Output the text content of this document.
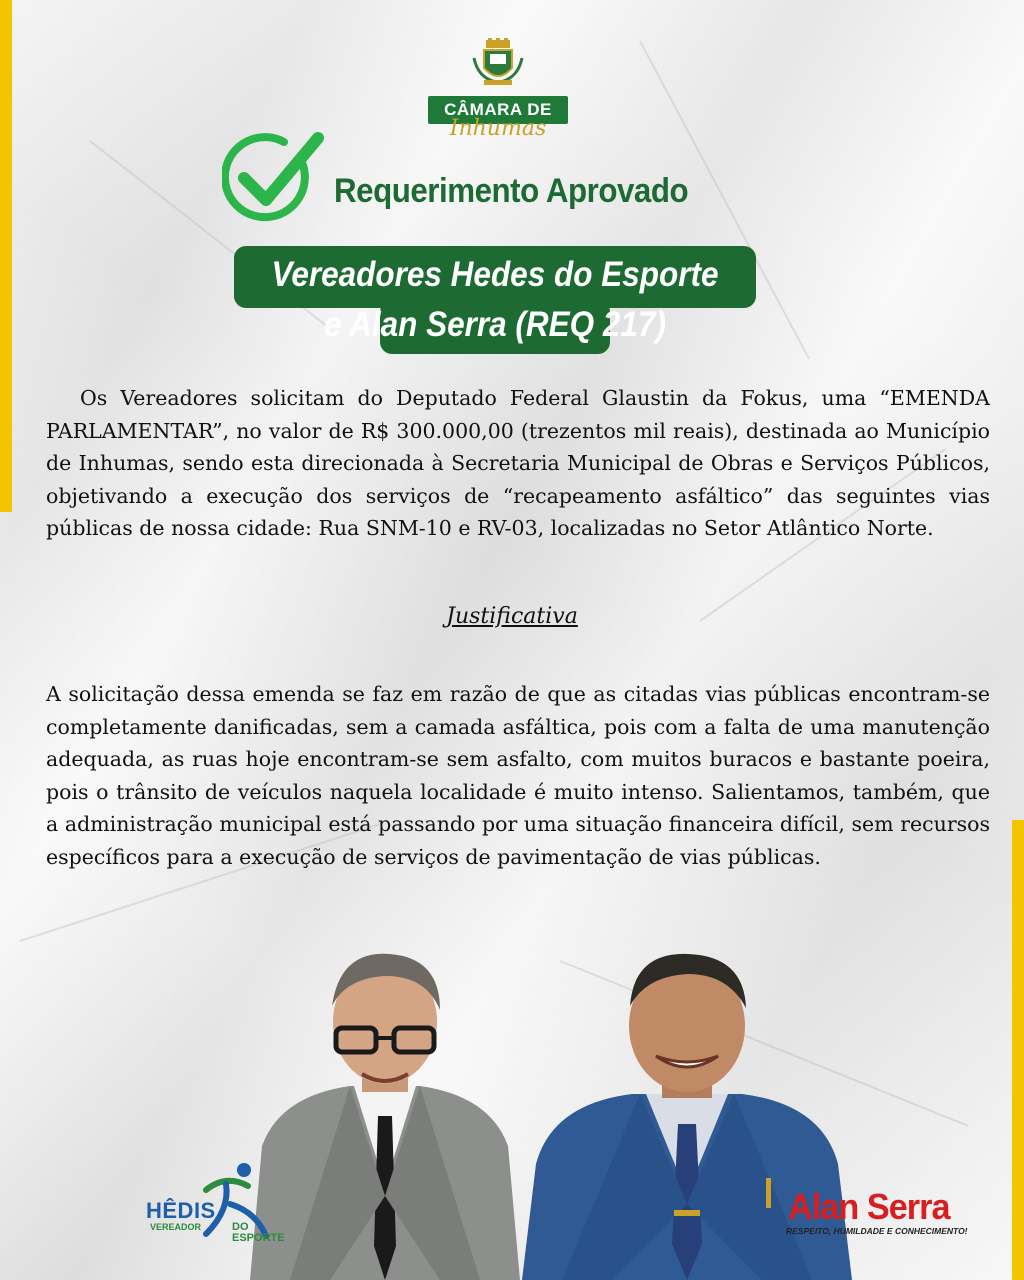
CÂMARA DE
Inhumas
Requerimento Aprovado
Vereadores Hedes do Esporte e Alan Serra (REQ 217)
Os Vereadores solicitam do Deputado Federal Glaustin da Fokus, uma “EMENDA PARLAMENTAR”, no valor de R$ 300.000,00 (trezentos mil reais), destinada ao Município de Inhumas, sendo esta direcionada à Secretaria Municipal de Obras e Serviços Públicos, objetivando a execução dos serviços de “recapeamento asfáltico” das seguintes vias públicas de nossa cidade: Rua SNM-10 e RV-03, localizadas no Setor Atlântico Norte.
Justificativa
A solicitação dessa emenda se faz em razão de que as citadas vias públicas encontram-se completamente danificadas, sem a camada asfáltica, pois com a falta de uma manutenção adequada, as ruas hoje encontram-se sem asfalto, com muitos buracos e bastante poeira, pois o trânsito de veículos naquela localidade é muito intenso. Salientamos, também, que a administração municipal está passando por uma situação financeira difícil, sem recursos específicos para a execução de serviços de pavimentação de vias públicas.
HÊDIS
VEREADOR	DO ESPORTE
Alan Serra
RESPEITO, HUMILDADE E CONHECIMENTO!
